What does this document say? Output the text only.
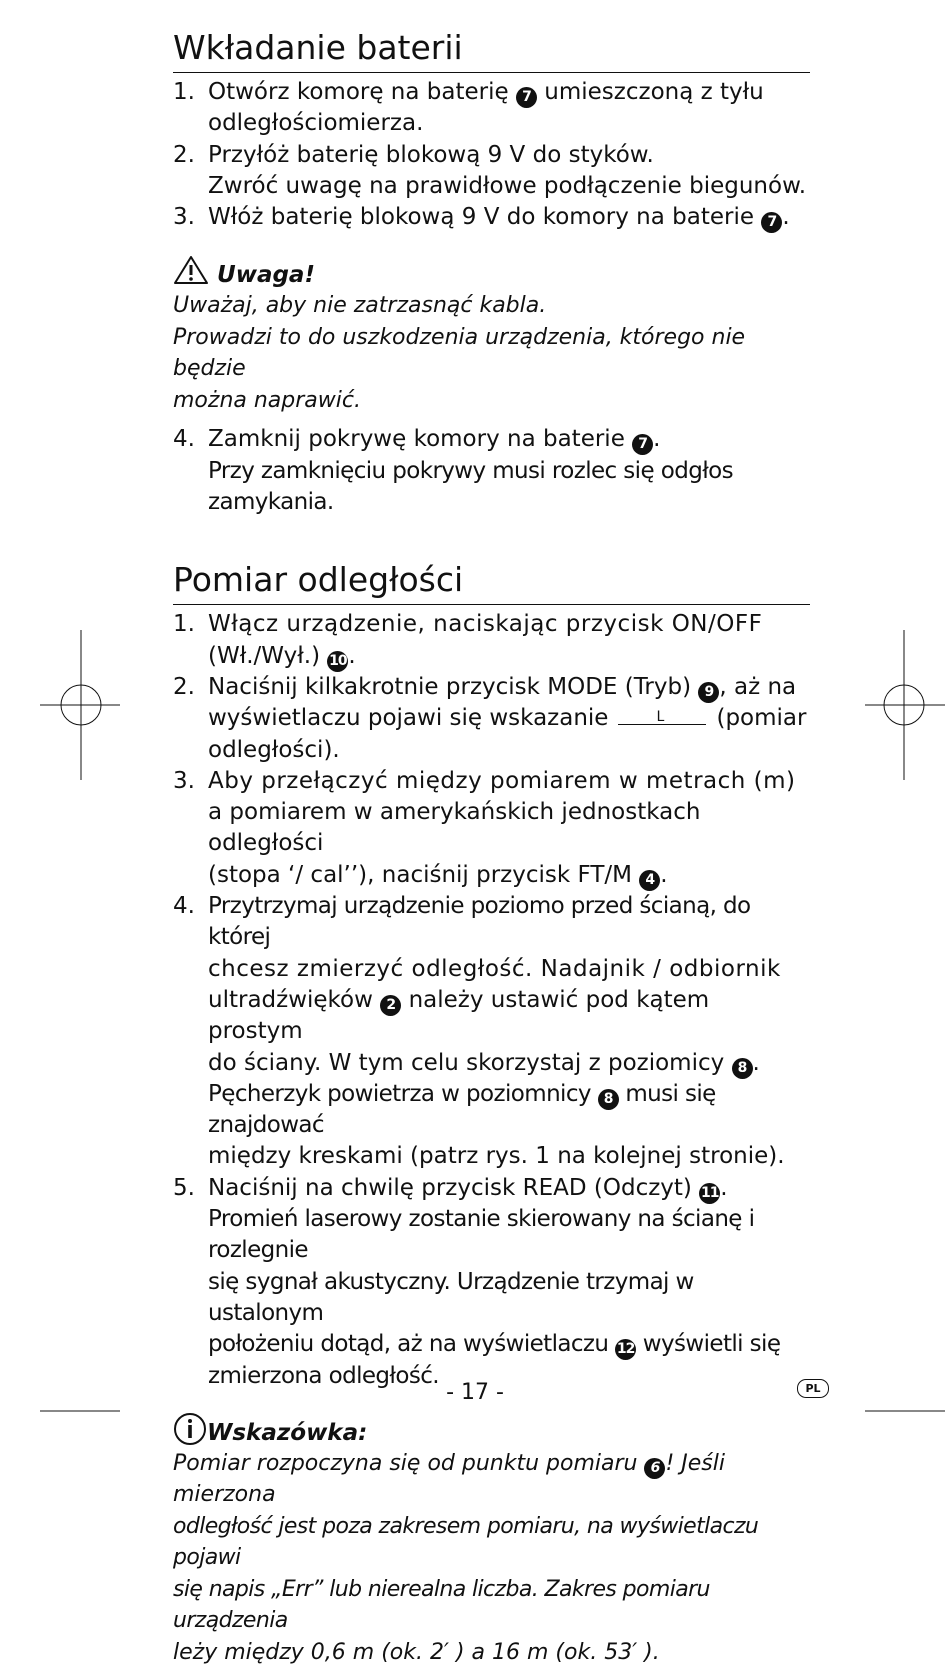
Wkładanie baterii
1. Otwórz komorę na baterię 7 umieszczoną z tyłu
odległościomierza.
2. Przyłóż baterię blokową 9 V do styków.
Zwróć uwagę na prawidłowe podłączenie biegunów.
3. Włóż baterię blokową 9 V do komory na baterie 7 .
Uwaga!
Uważaj, aby nie zatrzasnąć kabla.
Prowadzi to do uszkodzenia urządzenia, którego nie będzie
można naprawić.
4. Zamknij pokrywę komory na baterie 7 .
Przy zamknięciu pokrywy musi rozlec się odgłos zamykania.
Pomiar odległości
1. Włącz urządzenie, naciskając przycisk ON/OFF
(Wł./Wył.) 10.
2. Naciśnij kilkakrotnie przycisk MODE (Tryb) 9 , aż na
wyświetlaczu pojawi się wskazanie	L (pomiar
odległości).
3. Aby przełączyć między pomiarem w metrach (m)
a pomiarem w amerykańskich jednostkach odległości
(stopa ‘/ cal’’), naciśnij przycisk FT/M 4 .
4. Przytrzymaj urządzenie poziomo przed ścianą, do której
chcesz zmierzyć odległość. Nadajnik / odbiornik
ultradźwięków 2 należy ustawić pod kątem prostym
do ściany. W tym celu skorzystaj z poziomicy 8 .
Pęcherzyk powietrza w poziomnicy 8 musi się znajdować
między kreskami (patrz rys. 1 na kolejnej stronie).
5. Naciśnij na chwilę przycisk READ (Odczyt) 11.
Promień laserowy zostanie skierowany na ścianę i rozlegnie
się sygnał akustyczny. Urządzenie trzymaj w ustalonym
położeniu dotąd, aż na wyświetlaczu 12 wyświetli się
zmierzona odległość.
Wskazówka:
Pomiar rozpoczyna się od punktu pomiaru 6 ! Jeśli mierzona
odległość jest poza zakresem pomiaru, na wyświetlaczu pojawi
się napis „Err” lub nierealna liczba. Zakres pomiaru urządzenia
leży między 0,6 m (ok. 2′ ) a 16 m (ok. 53′ ).
- 17 -	PL
